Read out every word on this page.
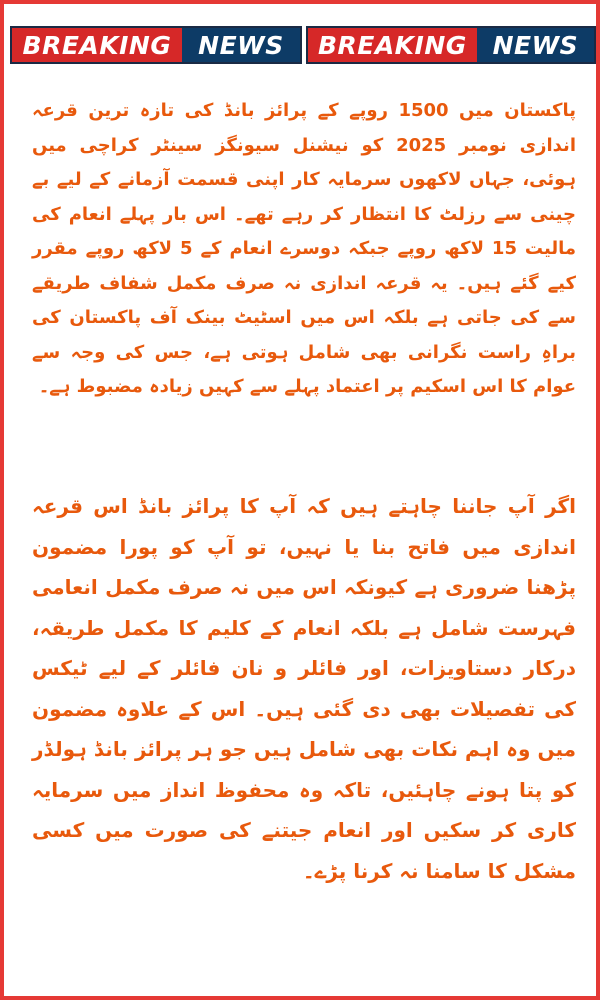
BREAKING	NEWS	BREAKING	NEWS

پاکستان میں 1500 روپے کے پرائز بانڈ کی تازہ ترین قرعہ اندازی نومبر 2025 کو نیشنل سیونگز سینٹر کراچی میں ہوئی، جہاں لاکھوں سرمایہ کار اپنی قسمت آزمانے کے لیے بے چینی سے رزلٹ کا انتظار کر رہے تھے۔ اس بار پہلے انعام کی مالیت 15 لاکھ روپے جبکہ دوسرے انعام کے 5 لاکھ روپے مقرر کیے گئے ہیں۔ یہ قرعہ اندازی نہ صرف مکمل شفاف طریقے سے کی جاتی ہے بلکہ اس میں اسٹیٹ بینک آف پاکستان کی براہِ راست نگرانی بھی شامل ہوتی ہے، جس کی وجہ سے عوام کا اس اسکیم پر اعتماد پہلے سے کہیں زیادہ مضبوط ہے۔

اگر آپ جاننا چاہتے ہیں کہ آپ کا پرائز بانڈ اس قرعہ اندازی میں فاتح بنا یا نہیں، تو آپ کو پورا مضمون پڑھنا ضروری ہے کیونکہ اس میں نہ صرف مکمل انعامی فہرست شامل ہے بلکہ انعام کے کلیم کا مکمل طریقہ، درکار دستاویزات، اور فائلر و نان فائلر کے لیے ٹیکس کی تفصیلات بھی دی گئی ہیں۔ اس کے علاوہ مضمون میں وہ اہم نکات بھی شامل ہیں جو ہر پرائز بانڈ ہولڈر کو پتا ہونے چاہئیں، تاکہ وہ محفوظ انداز میں سرمایہ کاری کر سکیں اور انعام جیتنے کی صورت میں کسی مشکل کا سامنا نہ کرنا پڑے۔
